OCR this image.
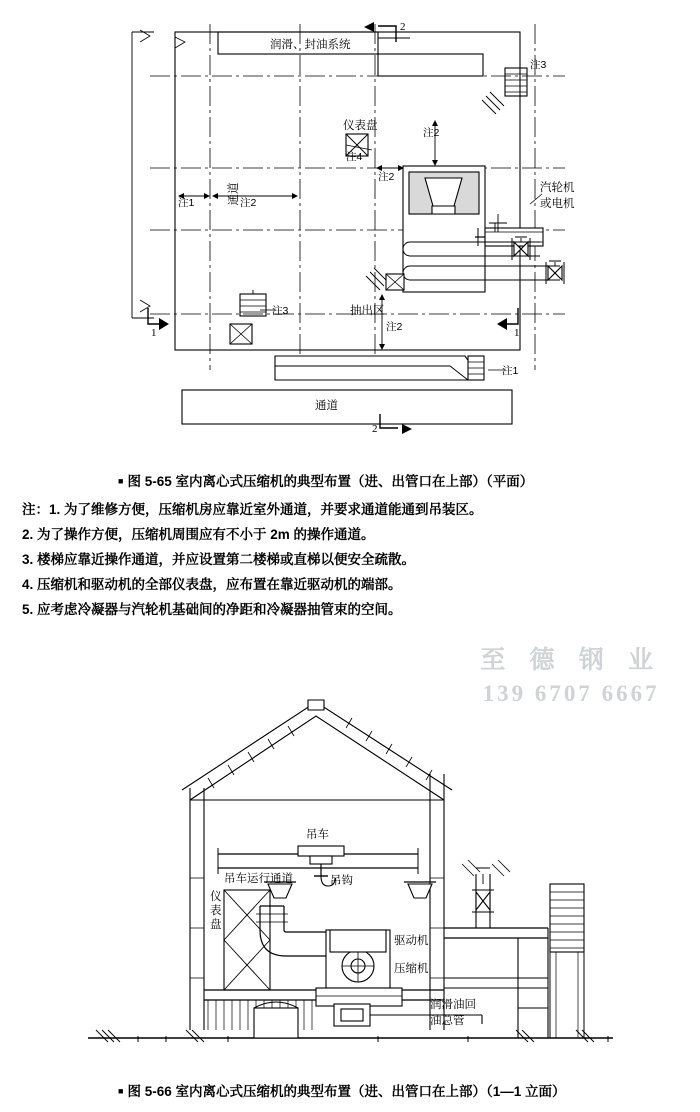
润滑、封油系统
仪表盘
通道
通道
汽轮机
或电机
抽出区
注1	注2
注2
注2
注2
注3
注3
注4
注1
1	1
2
2
■ 图 5-65 室内离心式压缩机的典型布置（进、出管口在上部）（平面）
注：1. 为了维修方便，压缩机房应靠近室外通道，并要求通道能通到吊装区。
2. 为了操作方便，压缩机周围应有不小于 2m 的操作通道。
3. 楼梯应靠近操作通道，并应设置第二楼梯或直梯以便安全疏散。
4. 压缩机和驱动机的全部仪表盘，应布置在靠近驱动机的端部。
5. 应考虑冷凝器与汽轮机基础间的净距和冷凝器抽管束的空间。
至 德 钢 业
139 6707 6667
吊车
吊钩
吊车运行通道
仪
表
盘
驱动机
压缩机
润滑油回
油总管
■ 图 5-66 室内离心式压缩机的典型布置（进、出管口在上部）（1—1 立面）
